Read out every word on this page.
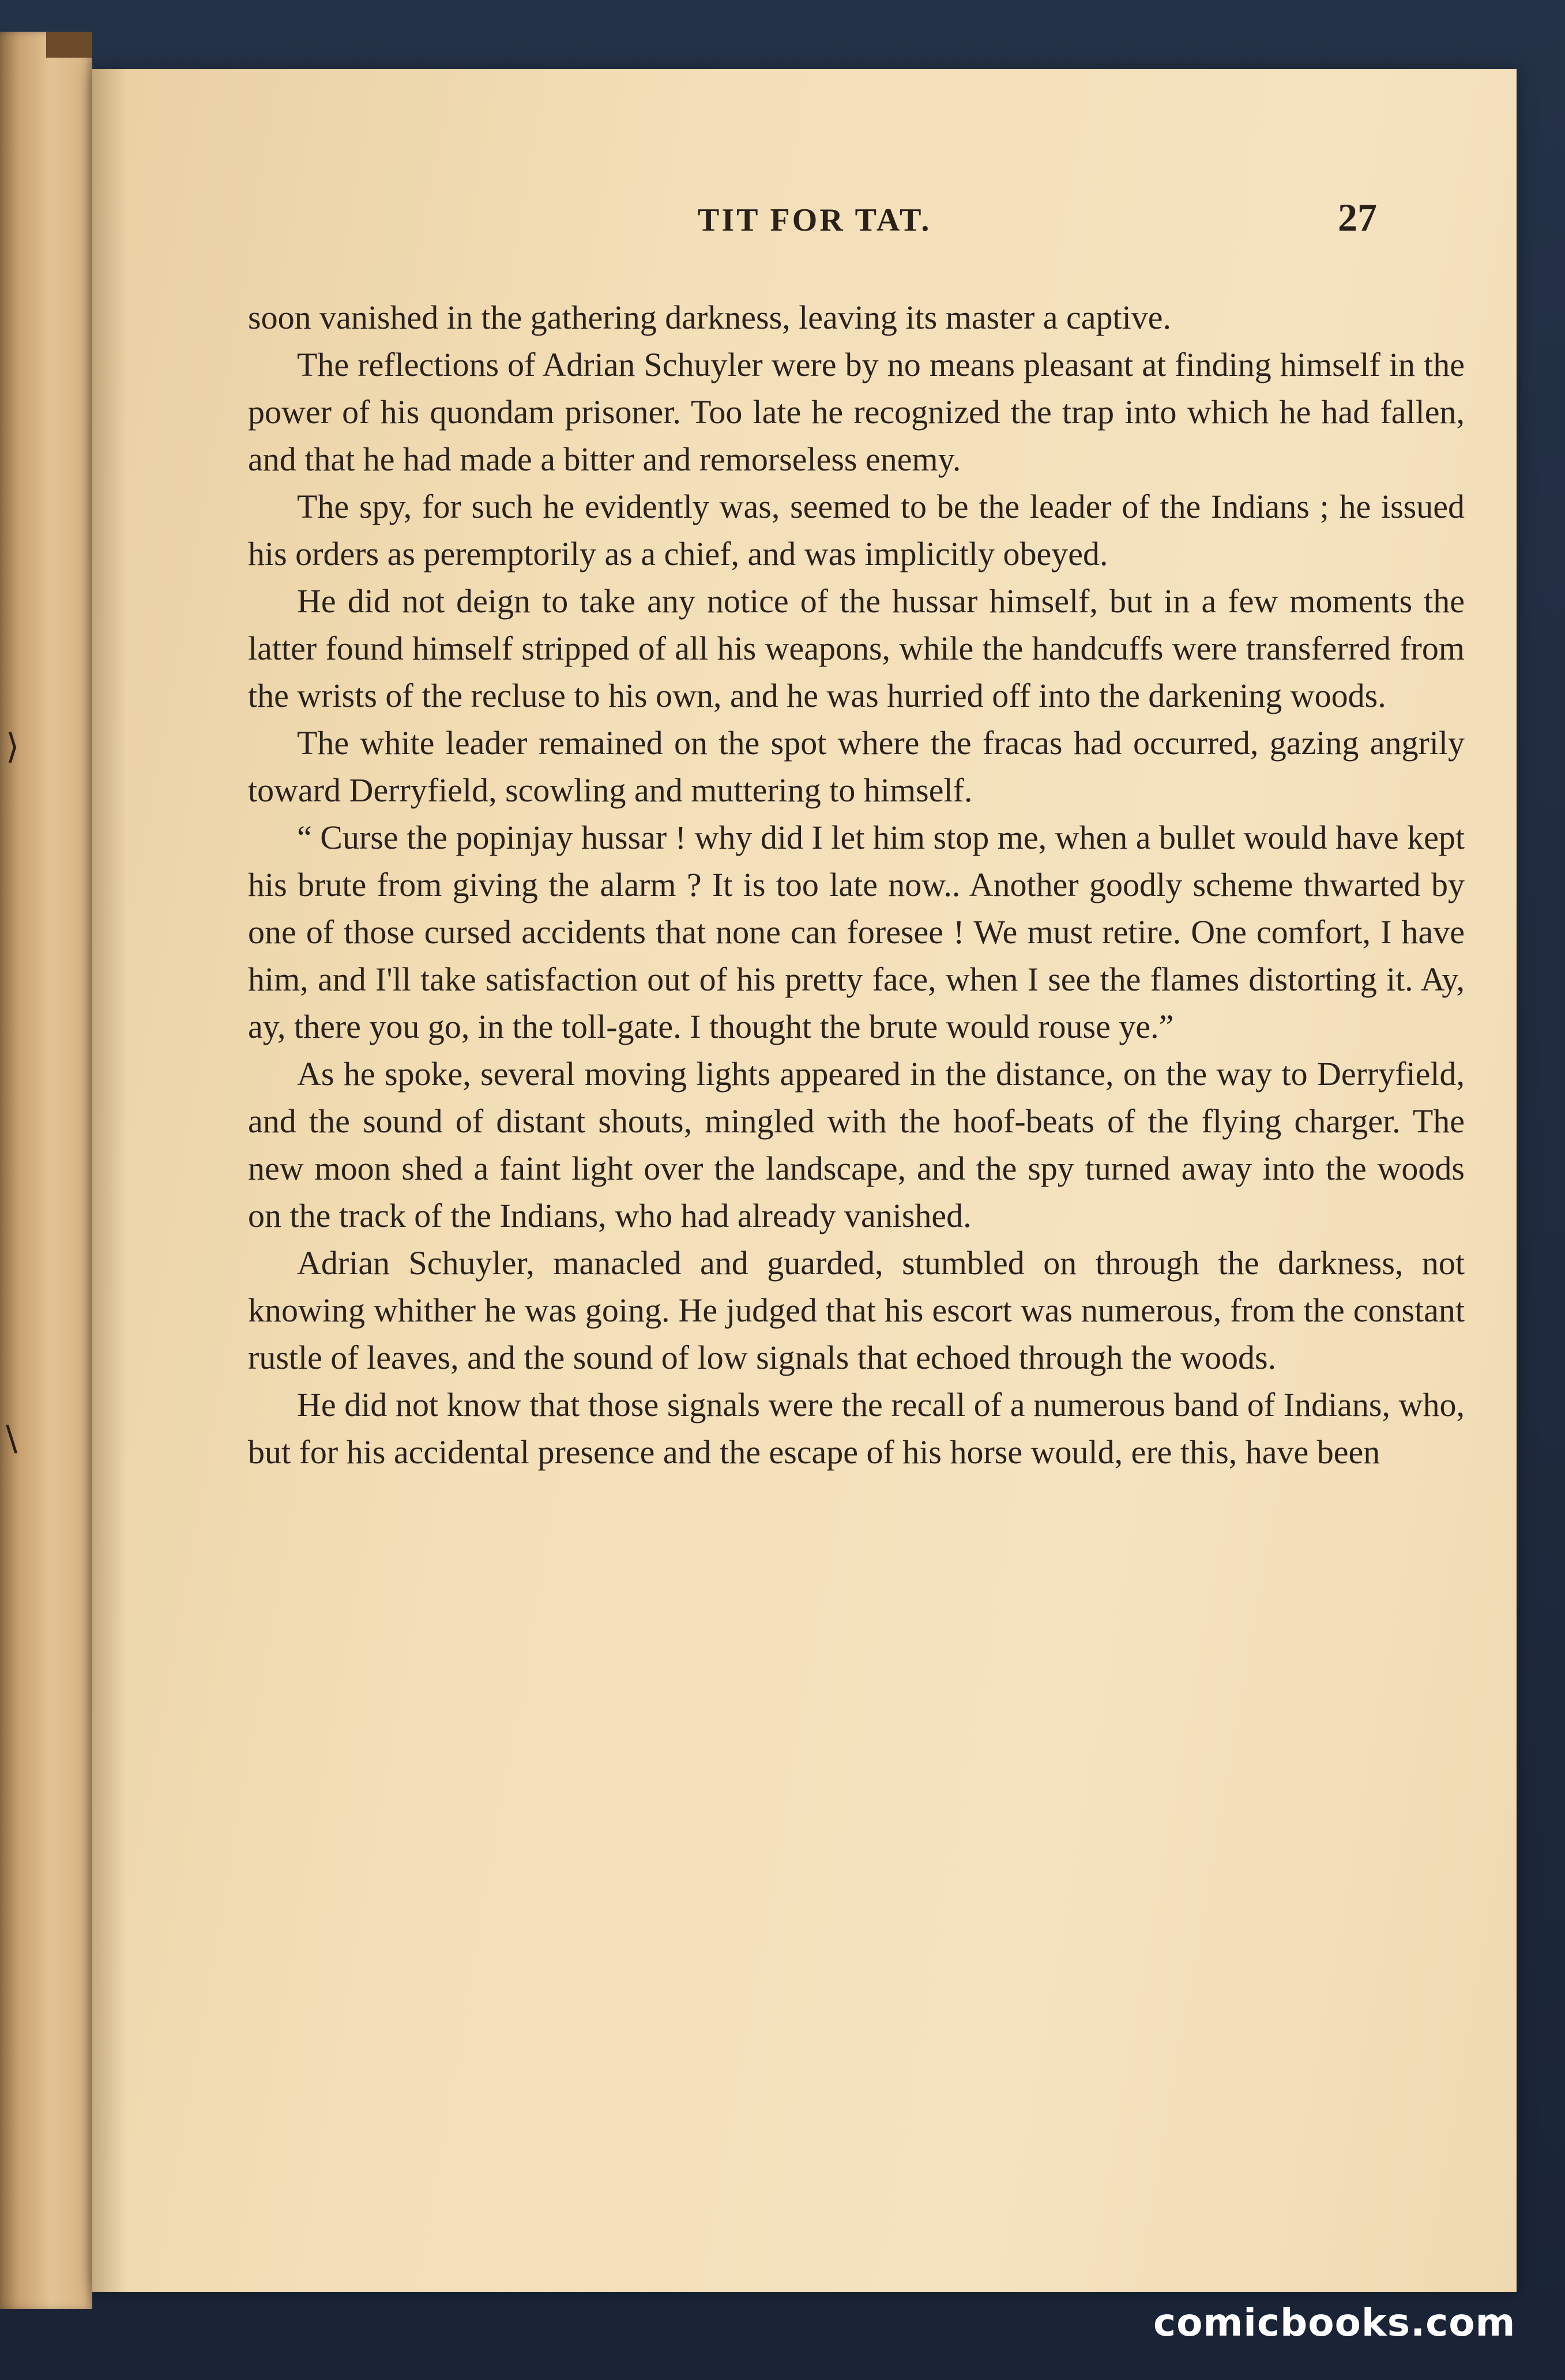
⟩
\
TIT FOR TAT.	27

soon vanished in the gathering darkness, leaving its master a captive.

The reflections of Adrian Schuyler were by no means pleasant at finding himself in the power of his quondam prisoner. Too late he recognized the trap into which he had fallen, and that he had made a bitter and remorseless enemy.

The spy, for such he evidently was, seemed to be the leader of the Indians ; he issued his orders as peremptorily as a chief, and was implicitly obeyed.

He did not deign to take any notice of the hussar himself, but in a few moments the latter found himself stripped of all his weapons, while the handcuffs were transferred from the wrists of the recluse to his own, and he was hurried off into the darkening woods.

The white leader remained on the spot where the fracas had occurred, gazing angrily toward Derryfield, scowling and muttering to himself.

“ Curse the popinjay hussar ! why did I let him stop me, when a bullet would have kept his brute from giving the alarm ? It is too late now.. Another goodly scheme thwarted by one of those cursed accidents that none can foresee ! We must retire. One comfort, I have him, and I'll take satisfaction out of his pretty face, when I see the flames distorting it. Ay, ay, there you go, in the toll-gate. I thought the brute would rouse ye.”

As he spoke, several moving lights appeared in the distance, on the way to Derryfield, and the sound of distant shouts, mingled with the hoof-beats of the flying charger. The new moon shed a faint light over the landscape, and the spy turned away into the woods on the track of the Indians, who had already vanished.

Adrian Schuyler, manacled and guarded, stumbled on through the darkness, not knowing whither he was going. He judged that his escort was numerous, from the constant rustle of leaves, and the sound of low signals that echoed through the woods.

He did not know that those signals were the recall of a numerous band of Indians, who, but for his accidental presence and the escape of his horse would, ere this, have been

comicbooks.com
